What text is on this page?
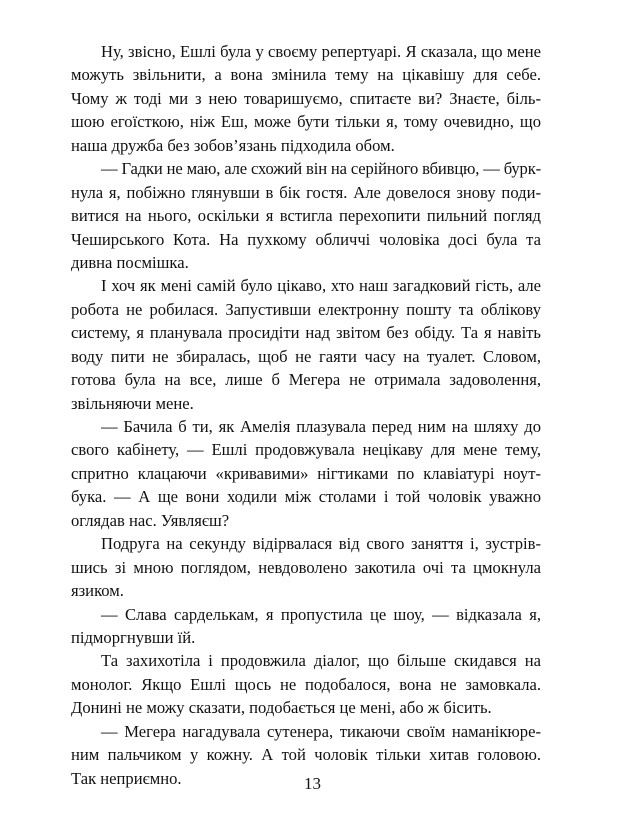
Ну, звісно, Ешлі була у своєму репертуарі. Я сказала, що мене
можуть звільнити, а вона змінила тему на цікавішу для себе.
Чому ж тоді ми з нею товаришуємо, спитаєте ви? Знаєте, біль-
шою егоїсткою, ніж Еш, може бути тільки я, тому очевидно, що
наша дружба без зобов’язань підходила обом.
— Гадки не маю, але схожий він на серійного вбивцю, — бурк-
нула я, побіжно глянувши в бік гостя. Але довелося знову поди-
витися на нього, оскільки я встигла перехопити пильний погляд
Чеширського Кота. На пухкому обличчі чоловіка досі була та
дивна посмішка.
І хоч як мені самій було цікаво, хто наш загадковий гість, але
робота не робилася. Запустивши електронну пошту та облікову
систему, я планувала просидіти над звітом без обіду. Та я навіть
воду пити не збиралась, щоб не гаяти часу на туалет. Словом,
готова була на все, лише б Мегера не отримала задоволення,
звільняючи мене.
— Бачила б ти, як Амелія плазувала перед ним на шляху до
свого кабінету, — Ешлі продовжувала нецікаву для мене тему,
спритно клацаючи «кривавими» нігтиками по клавіатурі ноут-
бука. — А ще вони ходили між столами і той чоловік уважно
оглядав нас. Уявляєш?
Подруга на секунду відірвалася від свого заняття і, зустрів-
шись зі мною поглядом, невдоволено закотила очі та цмокнула
язиком.
— Слава сарделькам, я пропустила це шоу, — відказала я,
підморгнувши їй.
Та захихотіла і продовжила діалог, що більше скидався на
монолог. Якщо Ешлі щось не подобалося, вона не замовкала.
Донині не можу сказати, подобається це мені, або ж бісить.
— Мегера нагадувала сутенера, тикаючи своїм наманікюре-
ним пальчиком у кожну. А той чоловік тільки хитав головою.
Так неприємно.	13
